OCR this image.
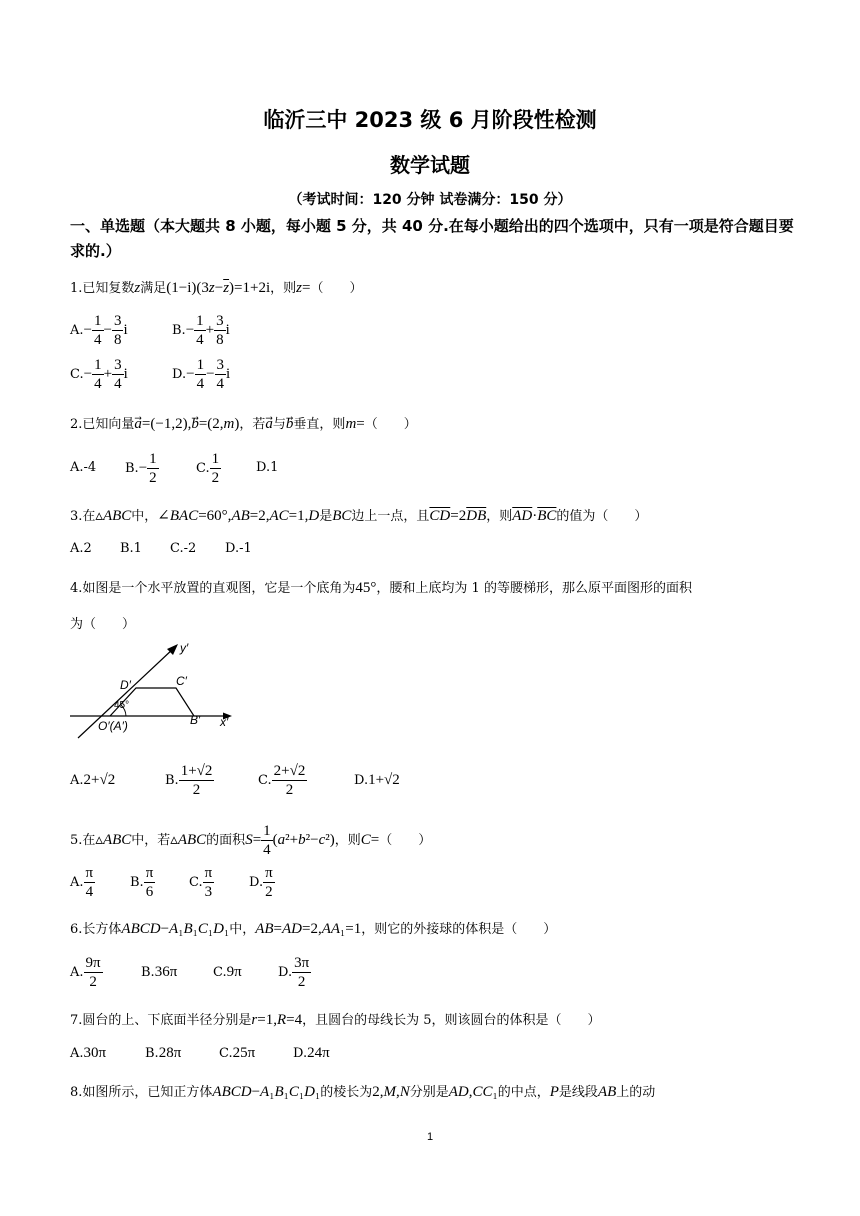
临沂三中 2023 级 6 月阶段性检测
数学试题
（考试时间：120 分钟 试卷满分：150 分）
一、单选题（本大题共 8 小题，每小题 5 分，共 40 分.在每小题给出的四个选项中，只有一项是符合题目要求的.）
1.已知复数z满足$(1-i)(3z-\overline{z})=1+2i$，则z=（　　）
$A.- \frac{1}{4} - \frac{3}{8}$ i	$B.- \frac{1}{4} + \frac{3}{8}$ i
$C.- \frac{1}{4} + \frac{3}{4}$ i	$D.- \frac{1}{4} - \frac{3}{4}$ i
2.已知向量a⃗=(−1,2),b⃗=(2,m)，若a与b垂直，则m=（　　）
A.-4 $B.- \frac{1}{2}$	C. $\frac{1}{2}$	D.1
3.在▵ABC中，∠BAC=60°,AB=2,AC=1,D是BC边上一点，且$\overline{CD}=2\overline{DB}$，则$\overline{AD}\cdot\overline{BC}$的值为（　　）
A.2 B.1 C.-2 D.-1
4.如图是一个水平放置的直观图，它是一个底角为45°，腰和上底均为 1 的等腰梯形，那么原平面图形的面积
为（　　）
y′
D′	C′
45°
O′(A′)	B′ x′
A.2+√2	B. $\frac{1+√2}{2}$	C. $\frac{2+√2}{2}$	D.1+√2
5.在▵ABC中，若▵ABC的面积$S= \frac{1}{4} (a^2+b^2-c^2)$，则C=（　　）
A. $\frac{\pi}{4}$	B. $\frac{\pi}{6}$	C. $\frac{\pi}{3}$	D. $\frac{\pi}{2}$
6.长方体ABCD−A₁B₁C₁D₁中，AB=AD=2,AA₁=1，则它的外接球的体积是（　　）
A. $\frac{9\pi}{2}$	B.36π	C.9π	D. $\frac{3\pi}{2}$
7.圆台的上、下底面半径分别是r=1,R=4，且圆台的母线长为 5，则该圆台的体积是（　　）
A.30π	B.28π	C.25π	D.24π
8.如图所示，已知正方体ABCD−A₁B₁C₁D₁的棱长为2,M,N分别是AD,CC₁的中点，P是线段AB上的动
1
